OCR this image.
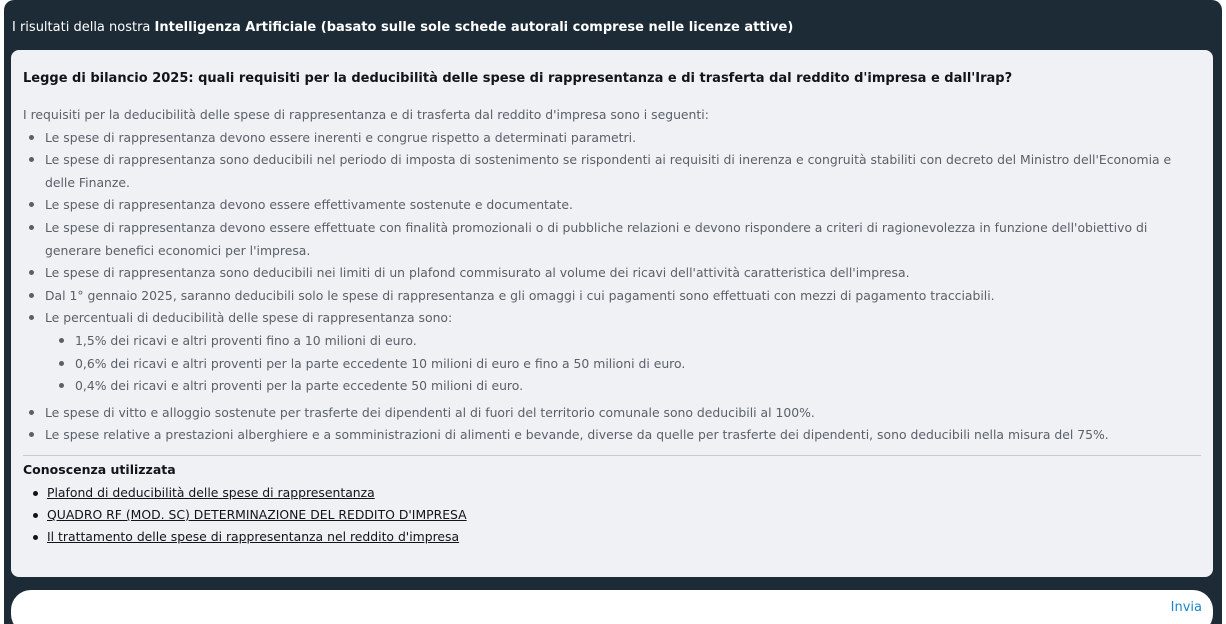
I risultati della nostra Intelligenza Artificiale (basato sulle sole schede autorali comprese nelle licenze attive)
Legge di bilancio 2025: quali requisiti per la deducibilità delle spese di rappresentanza e di trasferta dal reddito d'impresa e dall'Irap?

I requisiti per la deducibilità delle spese di rappresentanza e di trasferta dal reddito d'impresa sono i seguenti:

Le spese di rappresentanza devono essere inerenti e congrue rispetto a determinati parametri.
Le spese di rappresentanza sono deducibili nel periodo di imposta di sostenimento se rispondenti ai requisiti di inerenza e congruità stabiliti con decreto del Ministro dell'Economia e delle Finanze.
Le spese di rappresentanza devono essere effettivamente sostenute e documentate.
Le spese di rappresentanza devono essere effettuate con finalità promozionali o di pubbliche relazioni e devono rispondere a criteri di ragionevolezza in funzione dell'obiettivo di generare benefici economici per l'impresa.
Le spese di rappresentanza sono deducibili nei limiti di un plafond commisurato al volume dei ricavi dell'attività caratteristica dell'impresa.
Dal 1° gennaio 2025, saranno deducibili solo le spese di rappresentanza e gli omaggi i cui pagamenti sono effettuati con mezzi di pagamento tracciabili.
Le percentuali di deducibilità delle spese di rappresentanza sono:
1,5% dei ricavi e altri proventi fino a 10 milioni di euro.
0,6% dei ricavi e altri proventi per la parte eccedente 10 milioni di euro e fino a 50 milioni di euro.
0,4% dei ricavi e altri proventi per la parte eccedente 50 milioni di euro.
Le spese di vitto e alloggio sostenute per trasferte dei dipendenti al di fuori del territorio comunale sono deducibili al 100%.
Le spese relative a prestazioni alberghiere e a somministrazioni di alimenti e bevande, diverse da quelle per trasferte dei dipendenti, sono deducibili nella misura del 75%.
Conoscenza utilizzata
Plafond di deducibilità delle spese di rappresentanza
QUADRO RF (MOD. SC) DETERMINAZIONE DEL REDDITO D'IMPRESA
Il trattamento delle spese di rappresentanza nel reddito d'impresa
Invia
